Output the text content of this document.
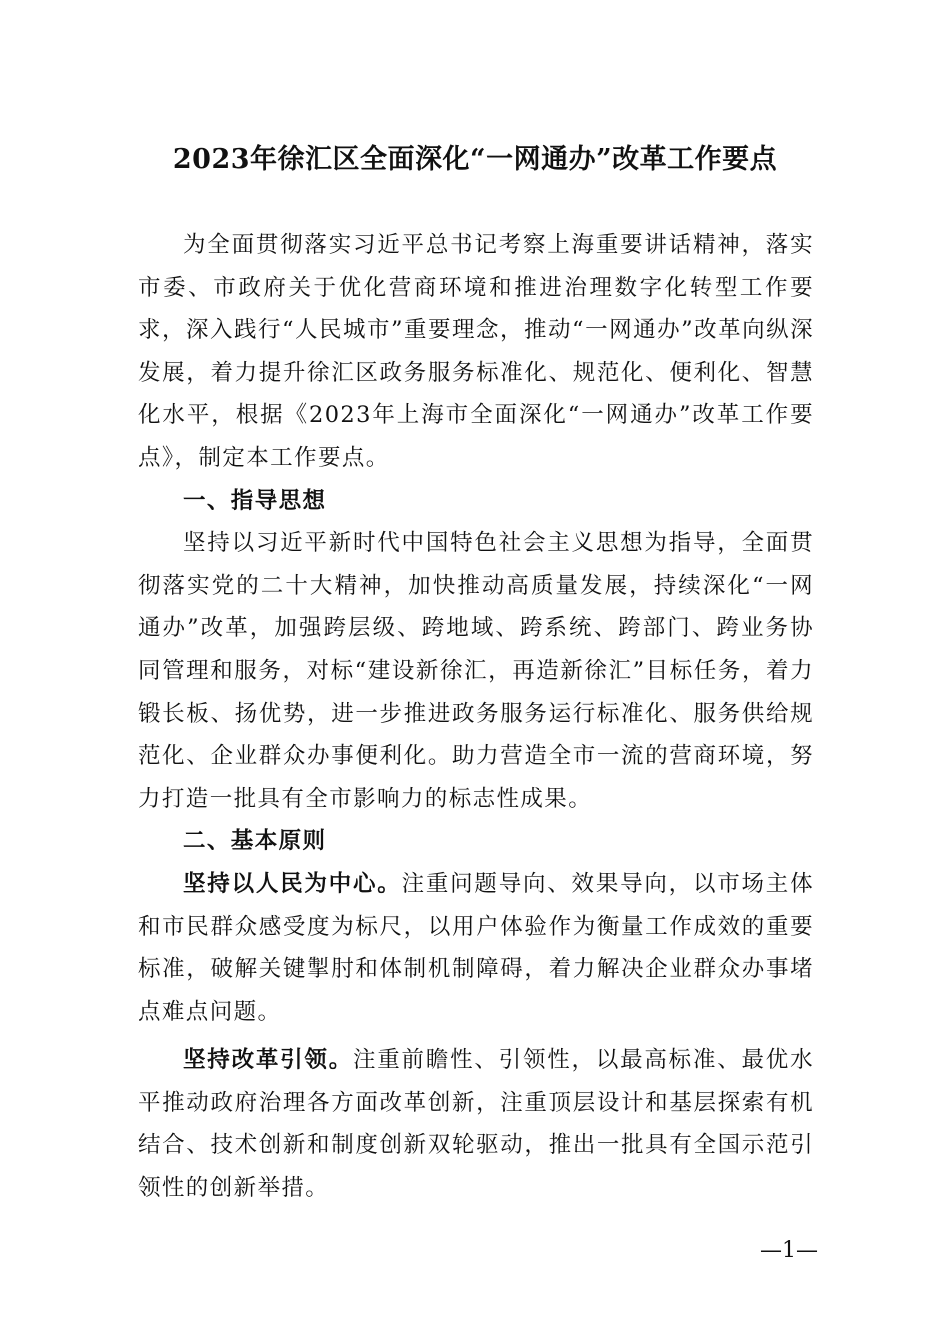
2023年徐汇区全面深化“一网通办”改革工作要点

为全面贯彻落实习近平总书记考察上海重要讲话精神，落实市委、市政府关于优化营商环境和推进治理数字化转型工作要求，深入践行“人民城市”重要理念，推动“一网通办”改革向纵深发展，着力提升徐汇区政务服务标准化、规范化、便利化、智慧化水平，根据《2023年上海市全面深化“一网通办”改革工作要点》，制定本工作要点。

一、指导思想

坚持以习近平新时代中国特色社会主义思想为指导，全面贯彻落实党的二十大精神，加快推动高质量发展，持续深化“一网通办”改革，加强跨层级、跨地域、跨系统、跨部门、跨业务协同管理和服务，对标“建设新徐汇，再造新徐汇”目标任务，着力锻长板、扬优势，进一步推进政务服务运行标准化、服务供给规范化、企业群众办事便利化。助力营造全市一流的营商环境，努力打造一批具有全市影响力的标志性成果。

二、基本原则

坚持以人民为中心。注重问题导向、效果导向，以市场主体和市民群众感受度为标尺，以用户体验作为衡量工作成效的重要标准，破解关键掣肘和体制机制障碍，着力解决企业群众办事堵点难点问题。

坚持改革引领。注重前瞻性、引领性，以最高标准、最优水平推动政府治理各方面改革创新，注重顶层设计和基层探索有机结合、技术创新和制度创新双轮驱动，推出一批具有全国示范引领性的创新举措。

—1—
